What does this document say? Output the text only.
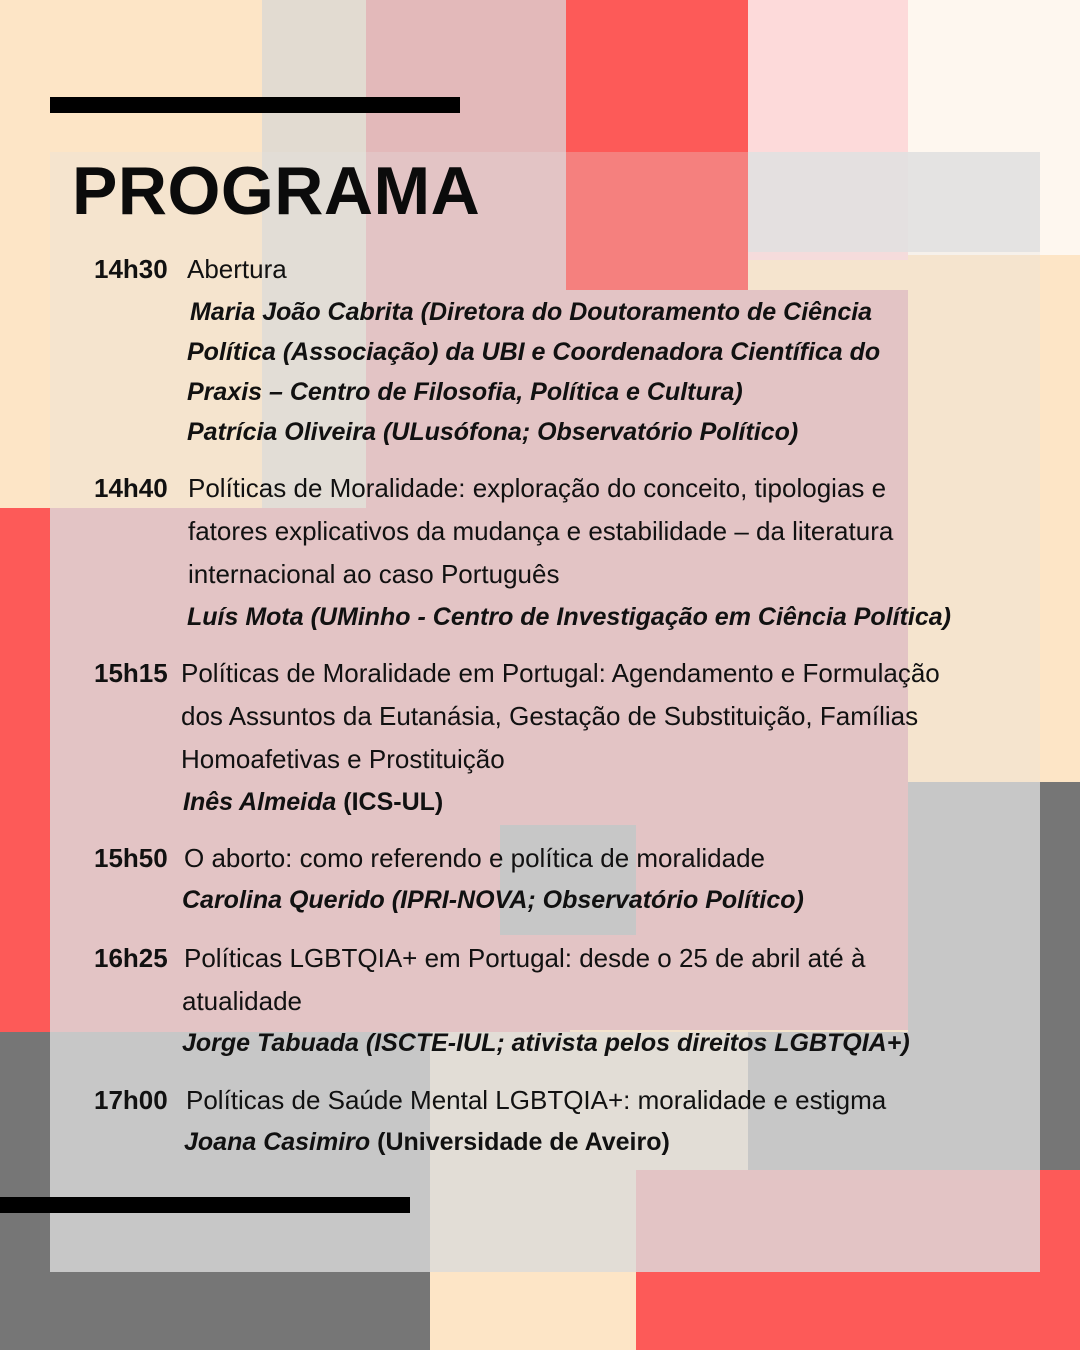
PROGRAMA
14h30 Abertura
Maria João Cabrita (Diretora do Doutoramento de Ciência
Política (Associação) da UBI e Coordenadora Científica do
Praxis – Centro de Filosofia, Política e Cultura)
Patrícia Oliveira (ULusófona; Observatório Político)
14h40 Políticas de Moralidade: exploração do conceito, tipologias e
fatores explicativos da mudança e estabilidade – da literatura
internacional ao caso Português
Luís Mota (UMinho - Centro de Investigação em Ciência Política)
15h15 Políticas de Moralidade em Portugal: Agendamento e Formulação
dos Assuntos da Eutanásia, Gestação de Substituição, Famílias
Homoafetivas e Prostituição
Inês Almeida (ICS-UL)
15h50 O aborto: como referendo e política de moralidade
Carolina Querido (IPRI-NOVA; Observatório Político)
16h25 Políticas LGBTQIA+ em Portugal: desde o 25 de abril até à
atualidade
Jorge Tabuada (ISCTE-IUL; ativista pelos direitos LGBTQIA+)
17h00 Políticas de Saúde Mental LGBTQIA+: moralidade e estigma
Joana Casimiro (Universidade de Aveiro)
